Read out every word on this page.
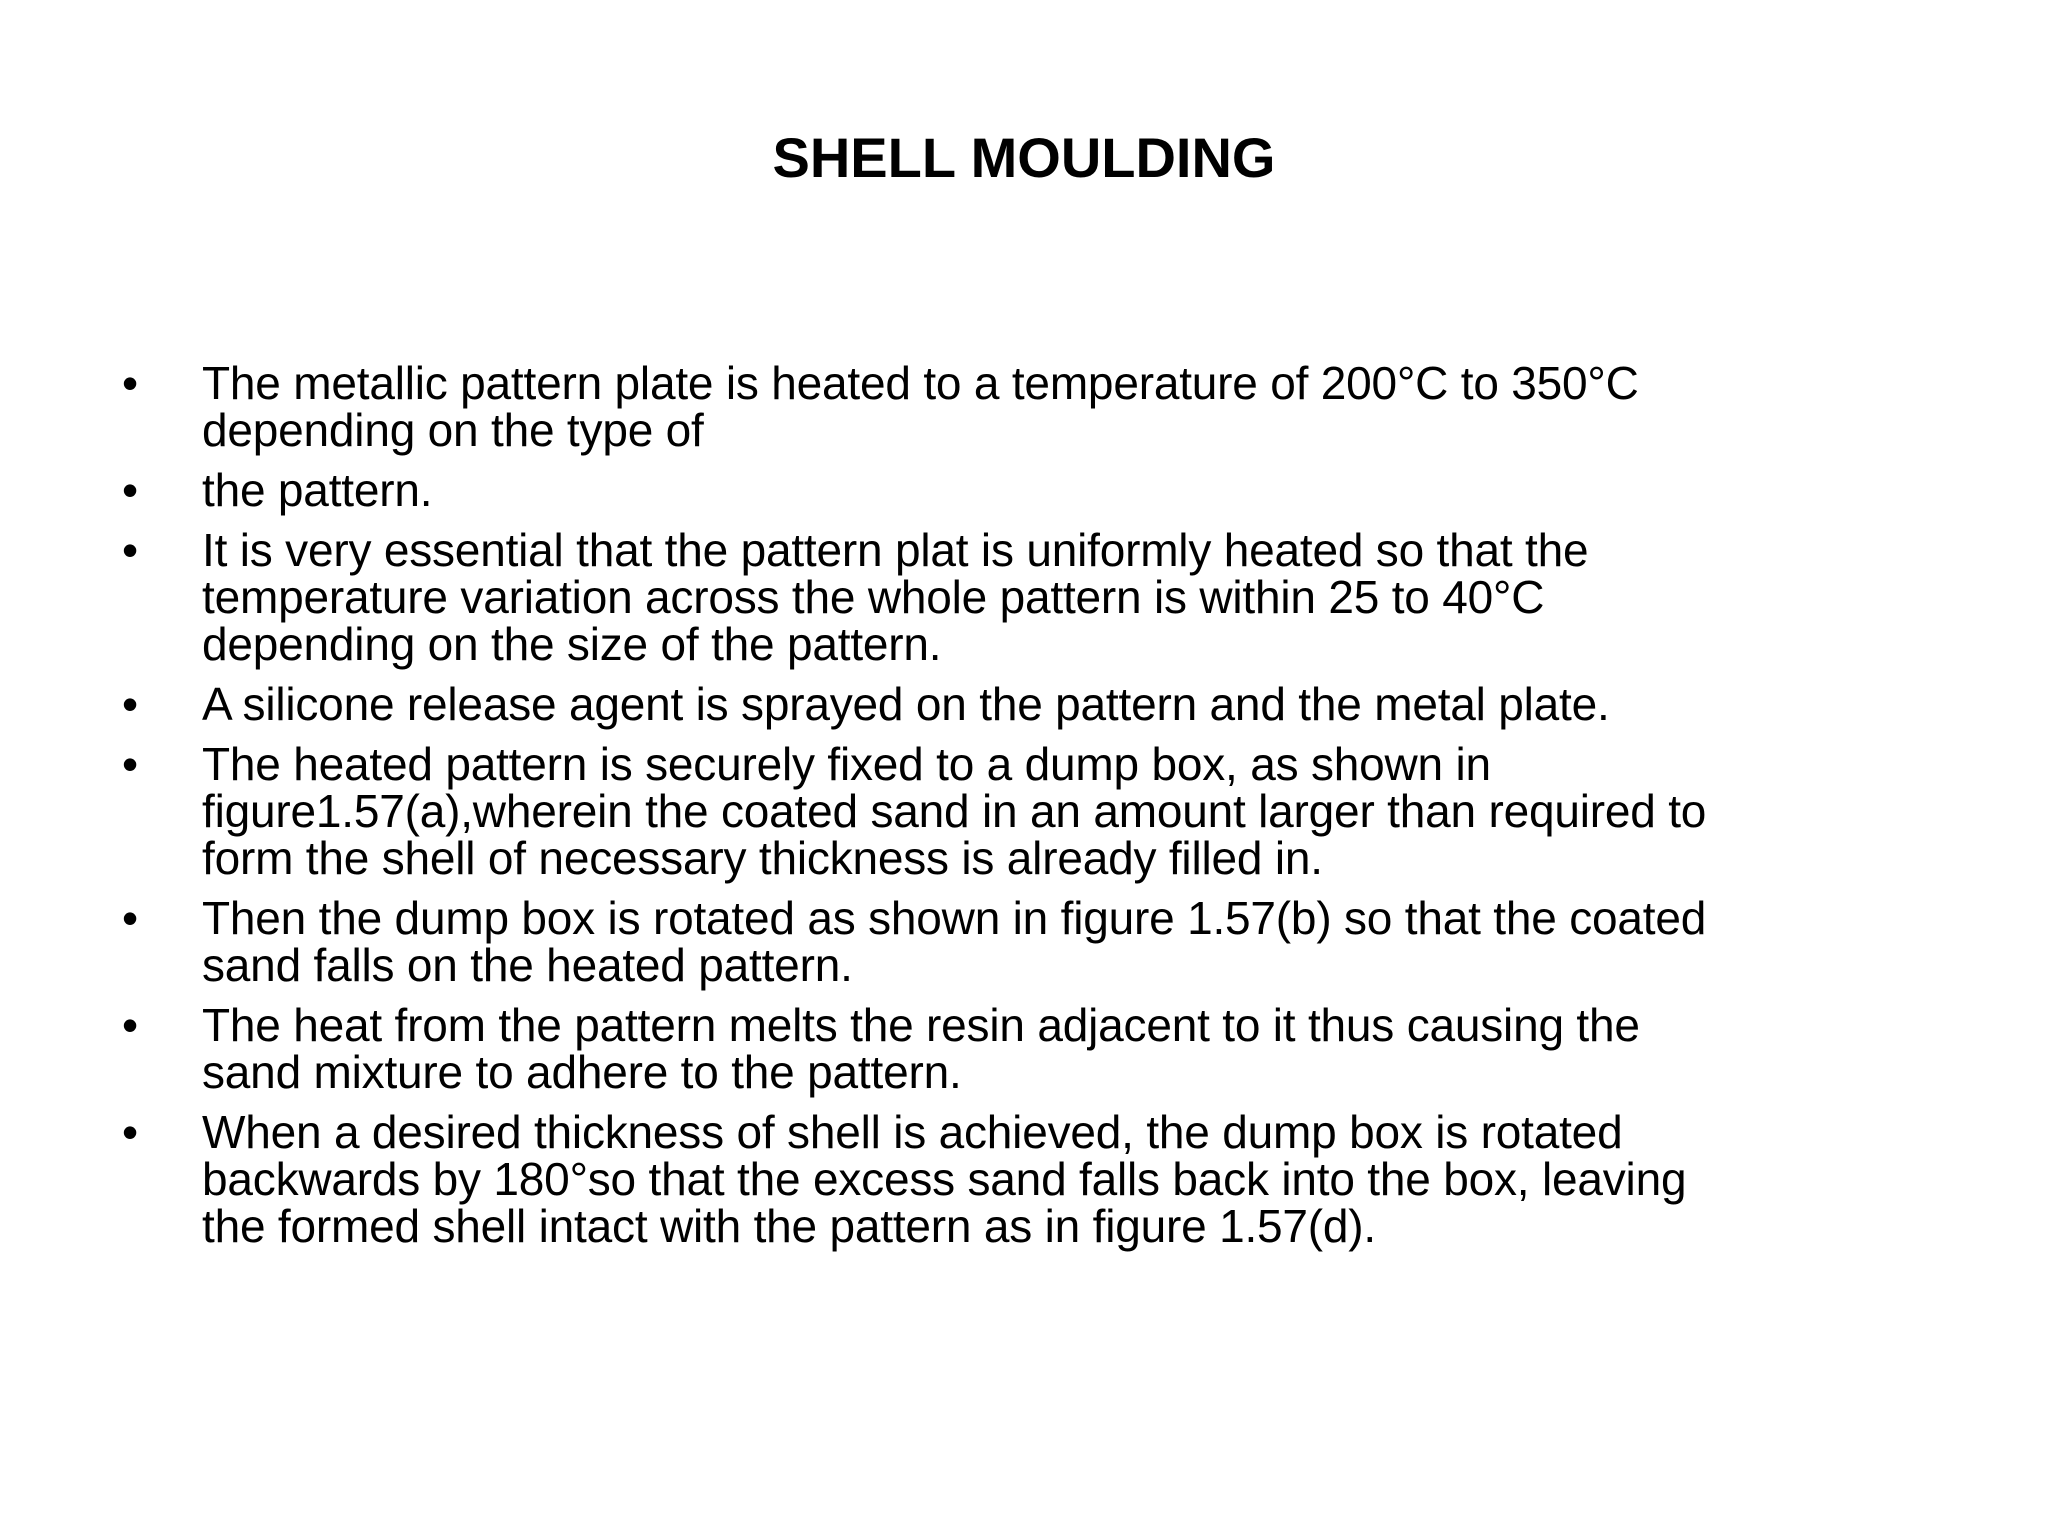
SHELL MOULDING
•	The metallic pattern plate is heated to a temperature of 200°C to 350°C
depending on the type of
•	the pattern.
•	It is very essential that the pattern plat is uniformly heated so that the
temperature variation across the whole pattern is within 25 to 40°C
depending on the size of the pattern.
•	A silicone release agent is sprayed on the pattern and the metal plate.
•	The heated pattern is securely fixed to a dump box, as shown in
figure1.57(a),wherein the coated sand in an amount larger than required to
form the shell of necessary thickness is already filled in.
•	Then the dump box is rotated as shown in figure 1.57(b) so that the coated
sand falls on the heated pattern.
•	The heat from the pattern melts the resin adjacent to it thus causing the
sand mixture to adhere to the pattern.
•	When a desired thickness of shell is achieved, the dump box is rotated
backwards by 180°so that the excess sand falls back into the box, leaving
the formed shell intact with the pattern as in figure 1.57(d).
